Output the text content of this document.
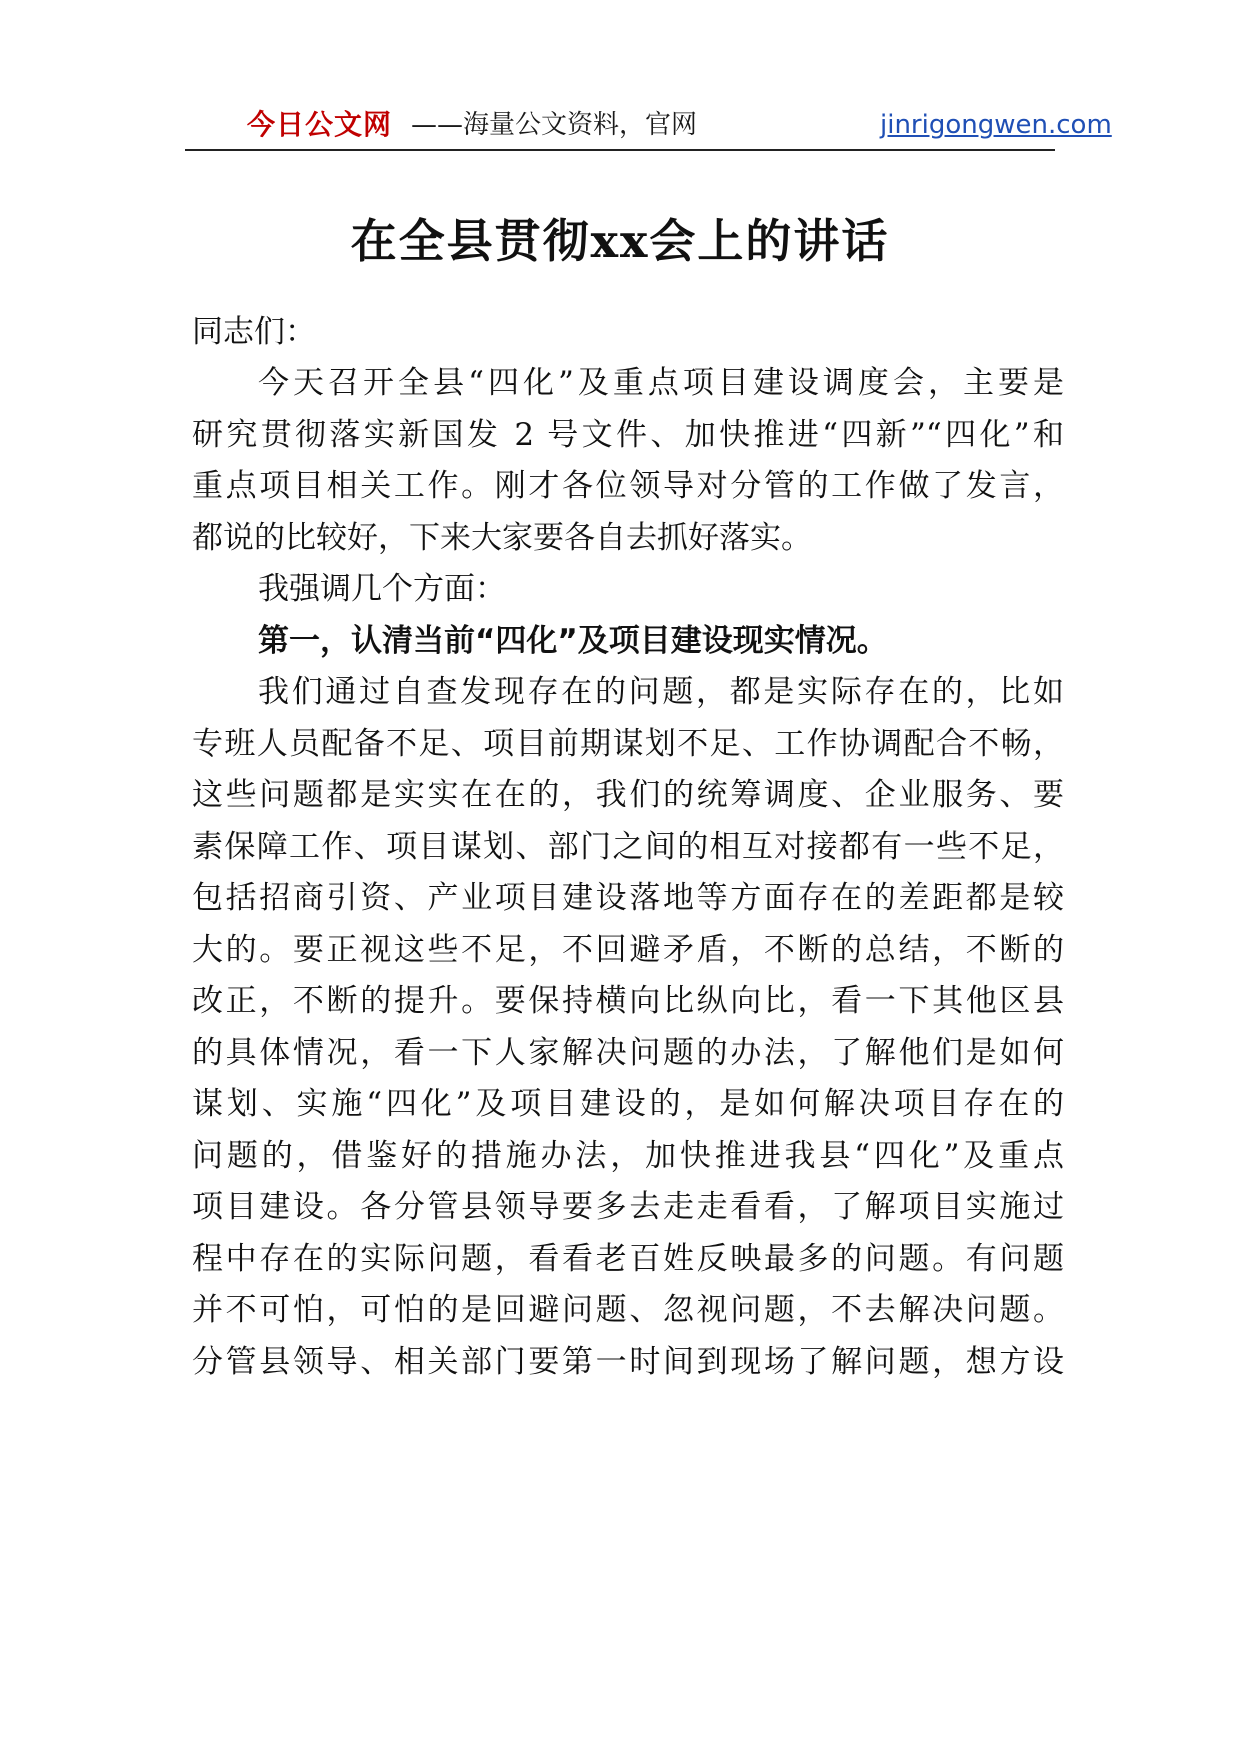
今日公文网 ——海量公文资料，官网	jinrigongwen.com
在全县贯彻xx会上的讲话
同志们：
今天召开全县“四化”及重点项目建设调度会，主要是
研究贯彻落实新国发 2 号文件、加快推进“四新”“四化”和
重点项目相关工作。刚才各位领导对分管的工作做了发言，
都说的比较好，下来大家要各自去抓好落实。
我强调几个方面：
第一，认清当前“四化”及项目建设现实情况。
我们通过自查发现存在的问题，都是实际存在的，比如
专班人员配备不足、项目前期谋划不足、工作协调配合不畅，
这些问题都是实实在在的，我们的统筹调度、企业服务、要
素保障工作、项目谋划、部门之间的相互对接都有一些不足，
包括招商引资、产业项目建设落地等方面存在的差距都是较
大的。要正视这些不足，不回避矛盾，不断的总结，不断的
改正，不断的提升。要保持横向比纵向比，看一下其他区县
的具体情况，看一下人家解决问题的办法，了解他们是如何
谋划、实施“四化”及项目建设的，是如何解决项目存在的
问题的，借鉴好的措施办法，加快推进我县“四化”及重点
项目建设。各分管县领导要多去走走看看，了解项目实施过
程中存在的实际问题，看看老百姓反映最多的问题。有问题
并不可怕，可怕的是回避问题、忽视问题，不去解决问题。
分管县领导、相关部门要第一时间到现场了解问题，想方设
